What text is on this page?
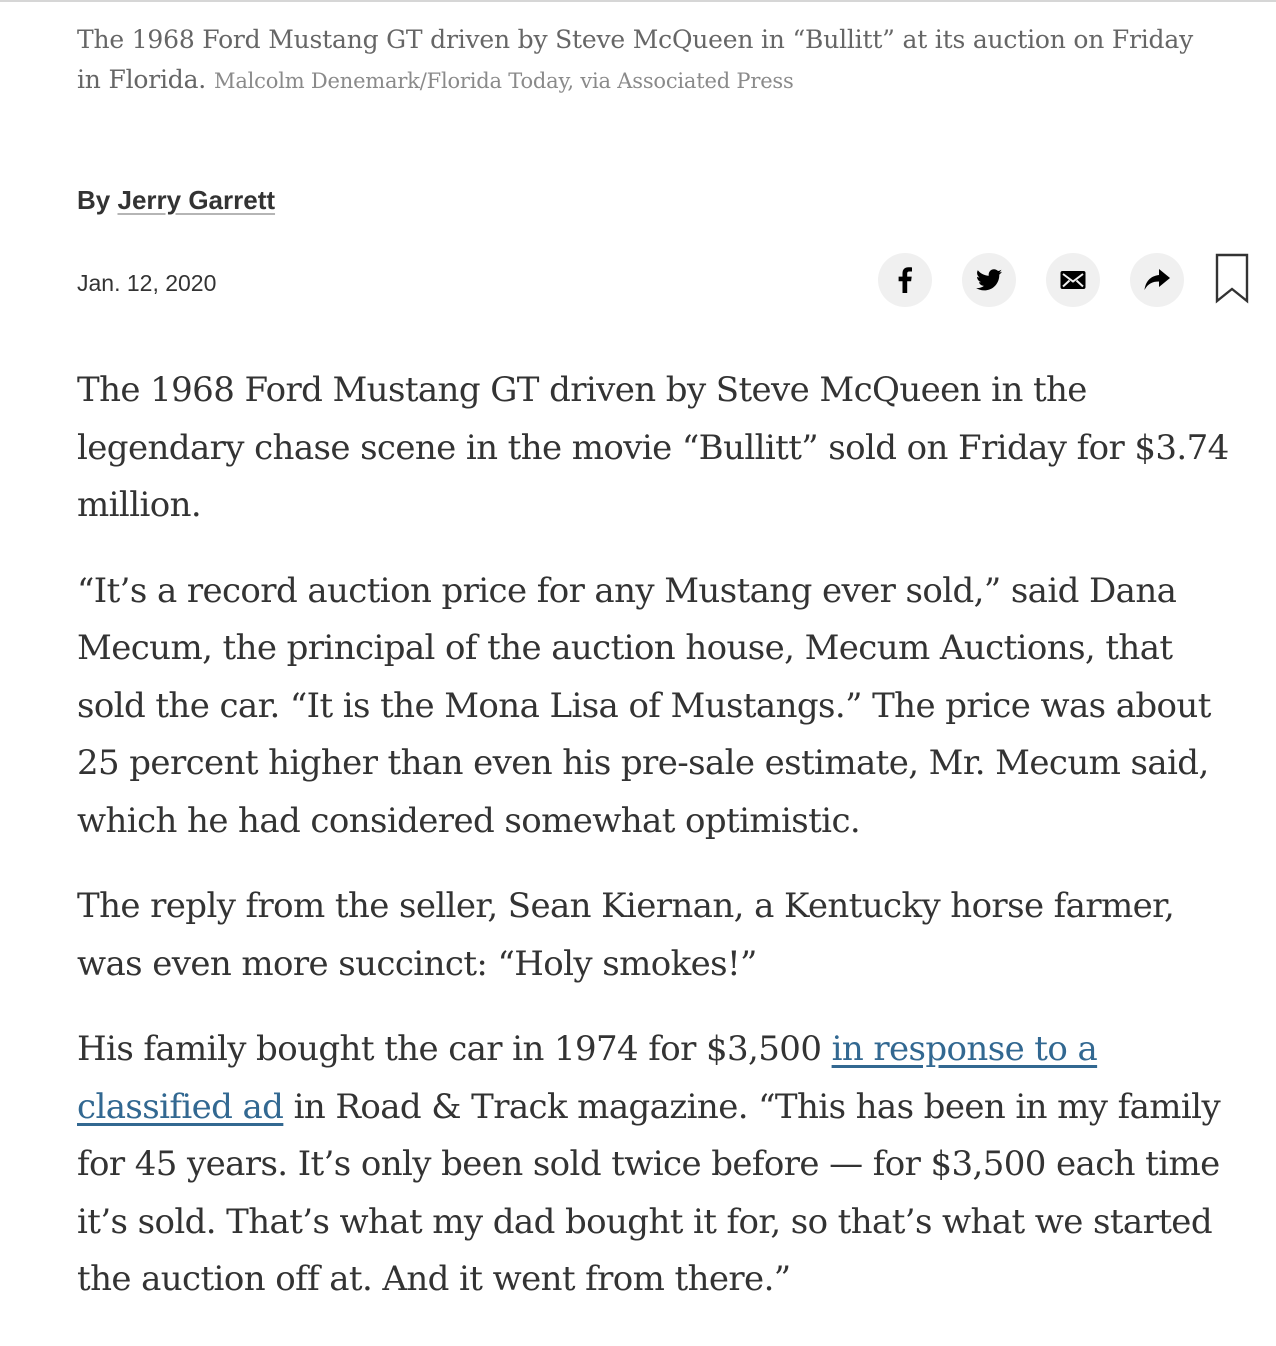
The 1968 Ford Mustang GT driven by Steve McQueen in “Bullitt” at its auction on Friday in Florida. Malcolm Denemark/Florida Today, via Associated Press
By Jerry Garrett
Jan. 12, 2020

The 1968 Ford Mustang GT driven by Steve McQueen in the legendary chase scene in the movie “Bullitt” sold on Friday for $3.74 million.

“It’s a record auction price for any Mustang ever sold,” said Dana Mecum, the principal of the auction house, Mecum Auctions, that sold the car. “It is the Mona Lisa of Mustangs.” The price was about 25 percent higher than even his pre-sale estimate, Mr. Mecum said, which he had considered somewhat optimistic.

The reply from the seller, Sean Kiernan, a Kentucky horse farmer, was even more succinct: “Holy smokes!”

His family bought the car in 1974 for $3,500 in response to a classified ad in Road & Track magazine. “This has been in my family for 45 years. It’s only been sold twice before — for $3,500 each time it’s sold. That’s what my dad bought it for, so that’s what we started the auction off at. And it went from there.”
